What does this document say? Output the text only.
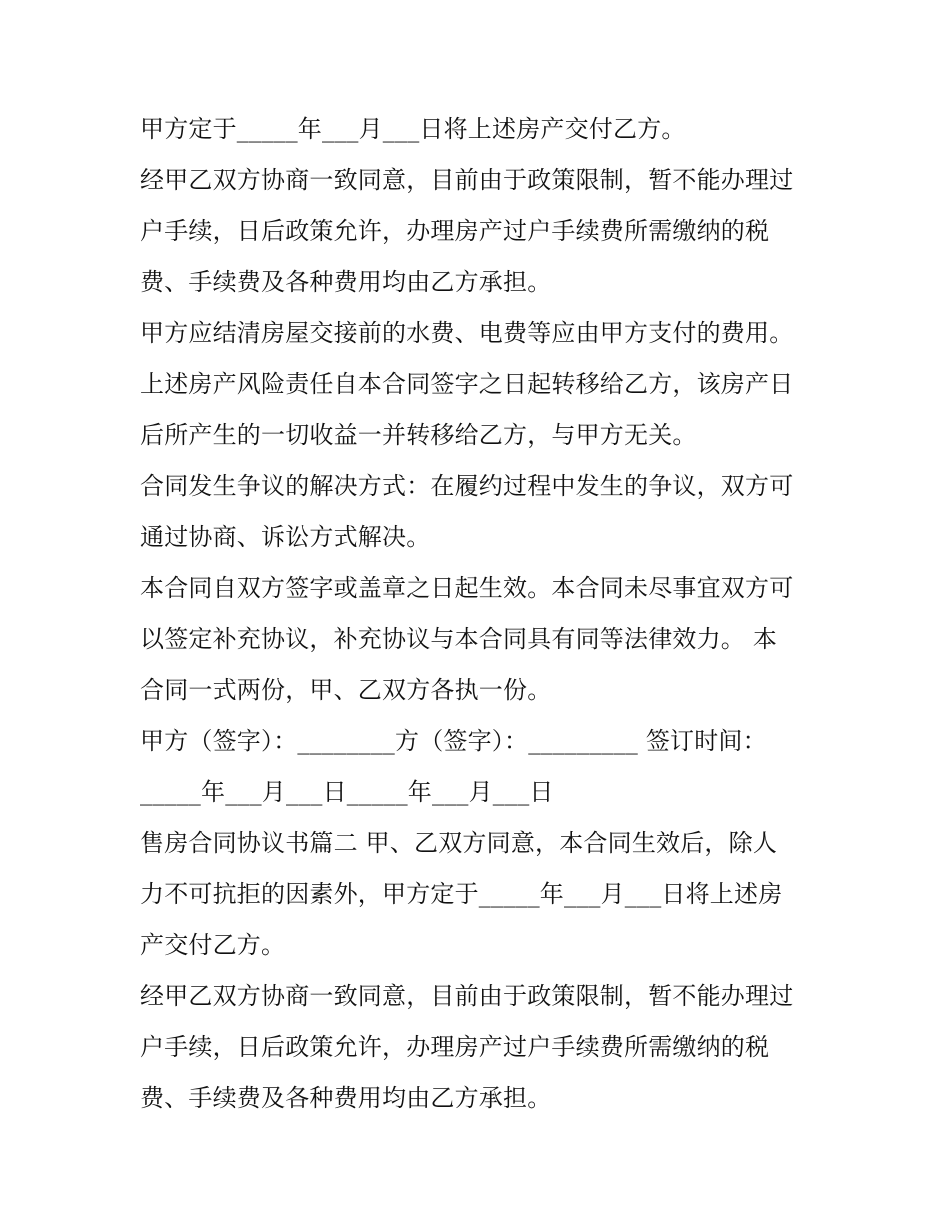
甲方定于_____年___月___日将上述房产交付乙方。
经甲乙双方协商一致同意，目前由于政策限制，暂不能办理过
户手续，日后政策允许，办理房产过户手续费所需缴纳的税
费、手续费及各种费用均由乙方承担。
甲方应结清房屋交接前的水费、电费等应由甲方支付的费用。
上述房产风险责任自本合同签字之日起转移给乙方，该房产日
后所产生的一切收益一并转移给乙方，与甲方无关。
合同发生争议的解决方式：在履约过程中发生的争议，双方可
通过协商、诉讼方式解决。
本合同自双方签字或盖章之日起生效。本合同未尽事宜双方可
以签定补充协议，补充协议与本合同具有同等法律效力。 本
合同一式两份，甲、乙双方各执一份。
甲方（签字）：________方（签字）：_________ 签订时间：
_____年___月___日_____年___月___日
售房合同协议书篇二 甲、乙双方同意，本合同生效后，除人
力不可抗拒的因素外，甲方定于_____年___月___日将上述房
产交付乙方。
经甲乙双方协商一致同意，目前由于政策限制，暂不能办理过
户手续，日后政策允许，办理房产过户手续费所需缴纳的税
费、手续费及各种费用均由乙方承担。
